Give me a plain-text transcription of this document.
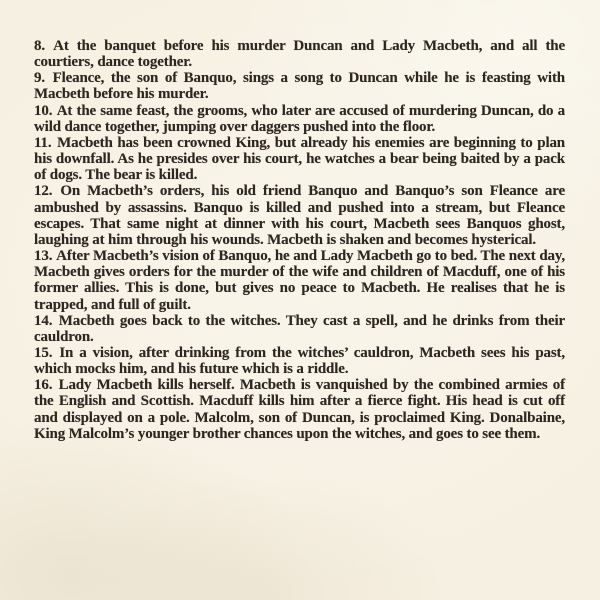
8. At the banquet before his murder Duncan and Lady Macbeth, and all the courtiers, dance together.

9. Fleance, the son of Banquo, sings a song to Duncan while he is feasting with Macbeth before his murder.

10. At the same feast, the grooms, who later are accused of murdering Duncan, do a wild dance together, jumping over daggers pushed into the floor.

11. Macbeth has been crowned King, but already his enemies are beginning to plan his downfall. As he presides over his court, he watches a bear being baited by a pack of dogs. The bear is killed.

12. On Macbeth’s orders, his old friend Banquo and Banquo’s son Fleance are ambushed by assassins. Banquo is killed and pushed into a stream, but Fleance escapes. That same night at dinner with his court, Macbeth sees Banquos ghost, laughing at him through his wounds. Macbeth is shaken and becomes hysterical.

13. After Macbeth’s vision of Banquo, he and Lady Macbeth go to bed. The next day, Macbeth gives orders for the murder of the wife and children of Macduff, one of his former allies. This is done, but gives no peace to Macbeth. He realises that he is trapped, and full of guilt.

14. Macbeth goes back to the witches. They cast a spell, and he drinks from their cauldron.

15. In a vision, after drinking from the witches’ cauldron, Macbeth sees his past, which mocks him, and his future which is a riddle.

16. Lady Macbeth kills herself. Macbeth is vanquished by the combined armies of the English and Scottish. Macduff kills him after a fierce fight. His head is cut off and displayed on a pole. Malcolm, son of Duncan, is proclaimed King. Donalbaine, King Malcolm’s younger brother chances upon the witches, and goes to see them.
